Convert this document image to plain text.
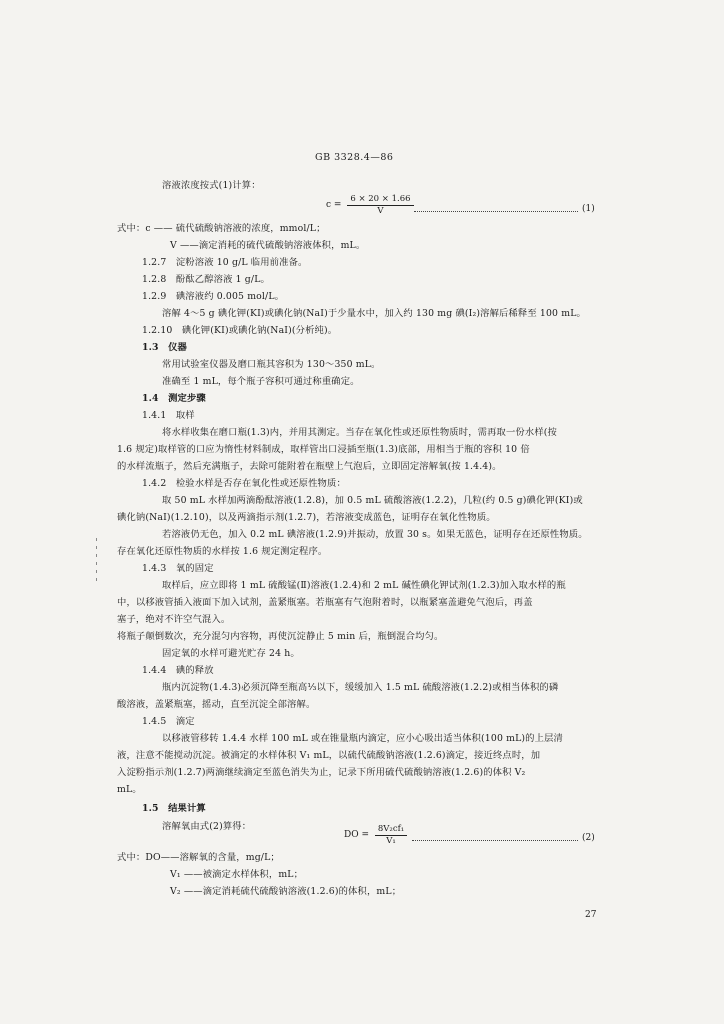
GB 3328.4—86
溶液浓度按式(1)计算：
$c = \frac{6 \times 20 \times 1.66}{V}$	(1)
式中：c —— 硫代硫酸钠溶液的浓度，mmol/L；
V ——滴定消耗的硫代硫酸钠溶液体积，mL。
1.2.7　淀粉溶液 10 g/L 临用前准备。
1.2.8　酚酞乙醇溶液 1 g/L。
1.2.9　碘溶液约 0.005 mol/L。
溶解 4～5 g 碘化钾(KI)或碘化钠(NaI)于少量水中，加入约 130 mg 碘(I₂)溶解后稀释至 100 mL。
1.2.10　碘化钾(KI)或碘化钠(NaI)(分析纯)。
1.3　仪器
常用试验室仪器及磨口瓶其容积为 130～350 mL。
准确至 1 mL，每个瓶子容积可通过称重确定。
1.4　测定步骤
1.4.1　取样
将水样收集在磨口瓶(1.3)内，并用其测定。当存在氧化性或还原性物质时，需再取一份水样(按
1.6 规定)取样管的口应为惰性材料制成，取样管出口浸插至瓶(1.3)底部，用相当于瓶的容积 10 倍
的水样流瓶子，然后充满瓶子，去除可能附着在瓶壁上气泡后，立即固定溶解氧(按 1.4.4)。
1.4.2　检验水样是否存在氧化性或还原性物质：
取 50 mL 水样加两滴酚酞溶液(1.2.8)，加 0.5 mL 硫酸溶液(1.2.2)，几粒(约 0.5 g)碘化钾(KI)或
碘化钠(NaI)(1.2.10)，以及两滴指示剂(1.2.7)，若溶液变成蓝色，证明存在氧化性物质。
若溶液仍无色，加入 0.2 mL 碘溶液(1.2.9)并振动，放置 30 s。如果无蓝色，证明存在还原性物质。
存在氧化还原性物质的水样按 1.6 规定测定程序。
1.4.3　氧的固定
取样后，应立即将 1 mL 硫酸锰(Ⅱ)溶液(1.2.4)和 2 mL 碱性碘化钾试剂(1.2.3)加入取水样的瓶
中，以移液管插入液面下加入试剂，盖紧瓶塞。若瓶塞有气泡附着时，以瓶紧塞盖避免气泡后，再盖
塞子，绝对不许空气混入。
将瓶子颠倒数次，充分混匀内容物，再使沉淀静止 5 min 后，瓶倒混合均匀。
固定氧的水样可避光贮存 24 h。
1.4.4　碘的释放
瓶内沉淀物(1.4.3)必须沉降至瓶高⅓以下，缓缓加入 1.5 mL 硫酸溶液(1.2.2)或相当体积的磷
酸溶液，盖紧瓶塞，摇动，直至沉淀全部溶解。
1.4.5　滴定
以移液管移转 1.4.4 水样 100 mL 或在锥量瓶内滴定，应小心吸出适当体积(100 mL)的上层清
液，注意不能搅动沉淀。被滴定的水样体积 V₁ mL，以硫代硫酸钠溶液(1.2.6)滴定，接近终点时，加
入淀粉指示剂(1.2.7)两滴继续滴定至蓝色消失为止，记录下所用硫代硫酸钠溶液(1.2.6)的体积 V₂
mL。
1.5　结果计算
溶解氧由式(2)算得：
DO = $\frac{\text{8V₂cf₁}}{\text{V₁}}$	(2)
式中：DO——溶解氧的含量，mg/L；
V₁ ——被滴定水样体积，mL；
V₂ ——滴定消耗硫代硫酸钠溶液(1.2.6)的体积，mL；
27
